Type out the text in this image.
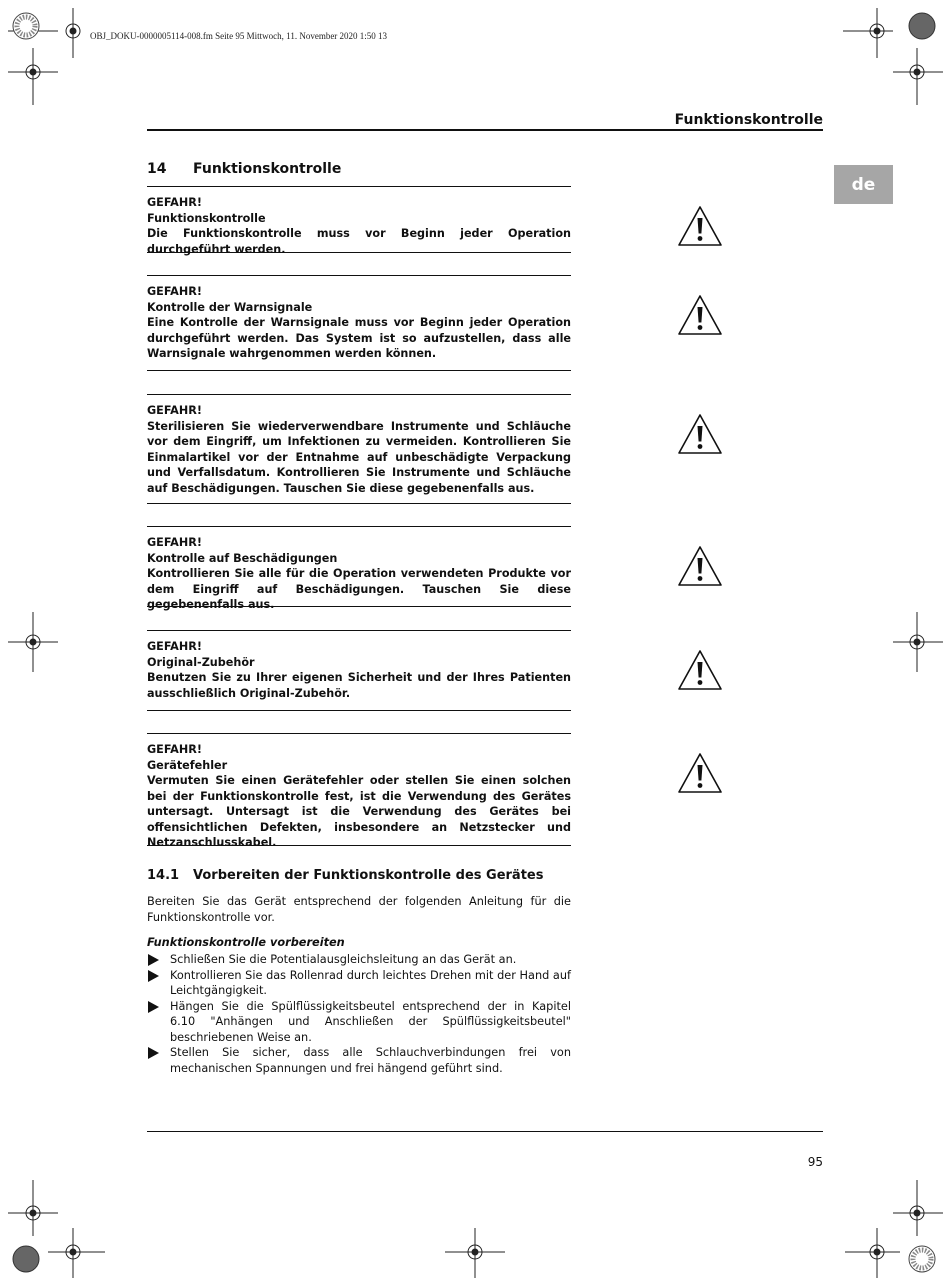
OBJ_DOKU-0000005114-008.fm Seite 95 Mittwoch, 11. November 2020 1:50 13
Funktionskontrolle
de
14 Funktionskontrolle
GEFAHR!
Funktionskontrolle
Die Funktionskontrolle muss vor Beginn jeder Operation durchgeführt werden.
GEFAHR!
Kontrolle der Warnsignale
Eine Kontrolle der Warnsignale muss vor Beginn jeder Operation durchgeführt werden. Das System ist so aufzustellen, dass alle Warnsignale wahrgenommen werden können.
GEFAHR!
Sterilisieren Sie wiederverwendbare Instrumente und Schläuche vor dem Eingriff, um Infektionen zu vermeiden. Kontrollieren Sie Einmalartikel vor der Entnahme auf unbeschädigte Verpackung und Verfallsdatum. Kontrollieren Sie Instrumente und Schläuche auf Beschädigungen. Tauschen Sie diese gegebenenfalls aus.
GEFAHR!
Kontrolle auf Beschädigungen
Kontrollieren Sie alle für die Operation verwendeten Produkte vor dem Eingriff auf Beschädigungen. Tauschen Sie diese gegebenenfalls aus.
GEFAHR!
Original-Zubehör
Benutzen Sie zu Ihrer eigenen Sicherheit und der Ihres Patienten ausschließlich Original-Zubehör.
GEFAHR!
Gerätefehler
Vermuten Sie einen Gerätefehler oder stellen Sie einen solchen bei der Funktionskontrolle fest, ist die Verwendung des Gerätes untersagt. Untersagt ist die Verwendung des Gerätes bei offensichtlichen Defekten, insbesondere an Netzstecker und Netzanschlusskabel.
14.1 Vorbereiten der Funktionskontrolle des Gerätes
Bereiten Sie das Gerät entsprechend der folgenden Anleitung für die Funktionskontrolle vor.
Funktionskontrolle vorbereiten
Schließen Sie die Potentialausgleichsleitung an das Gerät an.
Kontrollieren Sie das Rollenrad durch leichtes Drehen mit der Hand auf Leichtgängigkeit.
Hängen Sie die Spülflüssigkeitsbeutel entsprechend der in Kapitel 6.10 "Anhängen und Anschließen der Spülflüssigkeitsbeutel" beschriebenen Weise an.
Stellen Sie sicher, dass alle Schlauchverbindungen frei von mechanischen Spannungen und frei hängend geführt sind.
95
